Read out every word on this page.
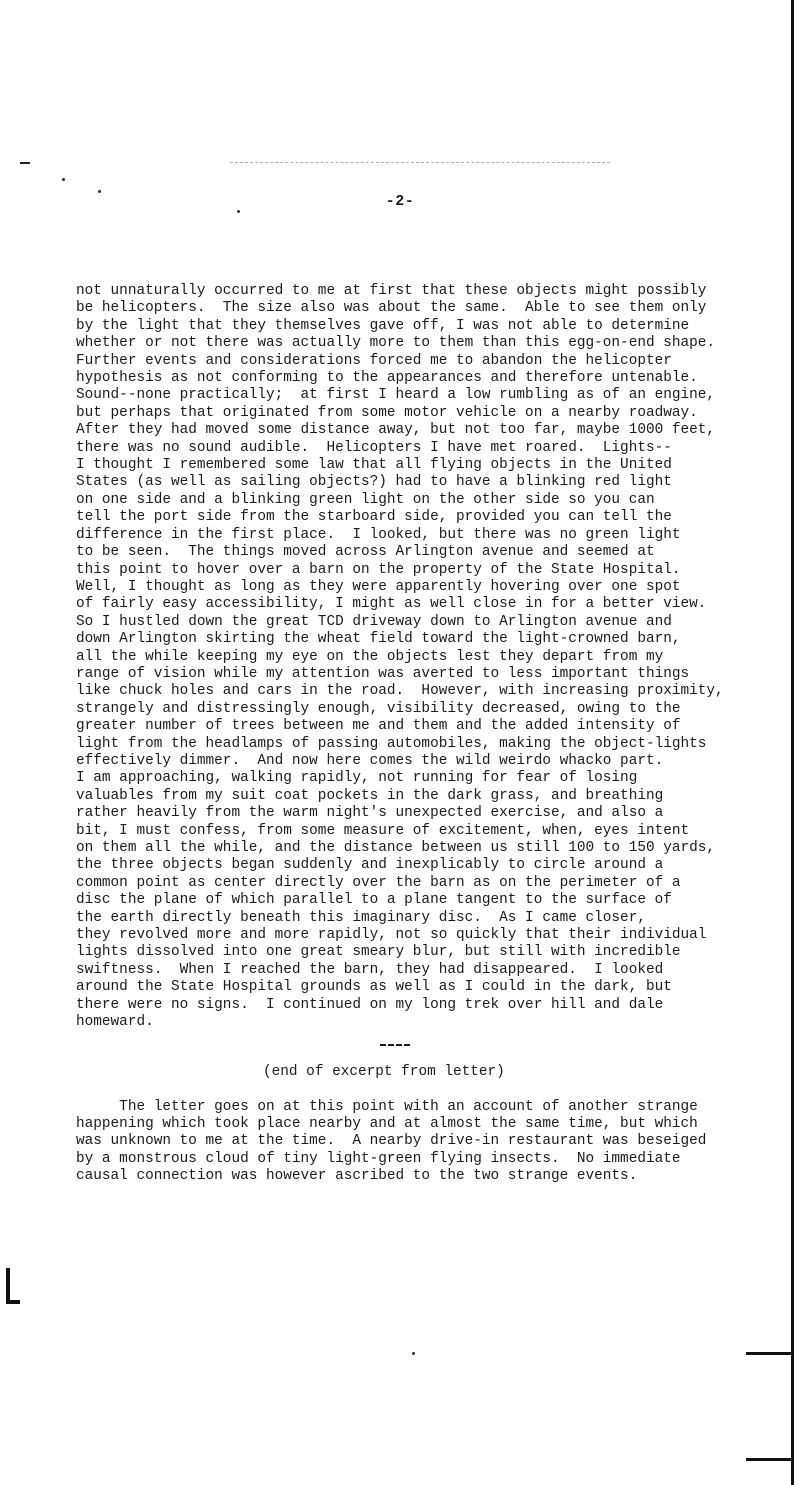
-2-
not unnaturally occurred to me at first that these objects might possibly
be helicopters.  The size also was about the same.  Able to see them only
by the light that they themselves gave off, I was not able to determine
whether or not there was actually more to them than this egg-on-end shape.
Further events and considerations forced me to abandon the helicopter
hypothesis as not conforming to the appearances and therefore untenable.
Sound--none practically;  at first I heard a low rumbling as of an engine,
but perhaps that originated from some motor vehicle on a nearby roadway.
After they had moved some distance away, but not too far, maybe 1000 feet,
there was no sound audible.  Helicopters I have met roared.  Lights--
I thought I remembered some law that all flying objects in the United
States (as well as sailing objects?) had to have a blinking red light
on one side and a blinking green light on the other side so you can
tell the port side from the starboard side, provided you can tell the
difference in the first place.  I looked, but there was no green light
to be seen.  The things moved across Arlington avenue and seemed at
this point to hover over a barn on the property of the State Hospital.
Well, I thought as long as they were apparently hovering over one spot
of fairly easy accessibility, I might as well close in for a better view.
So I hustled down the great TCD driveway down to Arlington avenue and
down Arlington skirting the wheat field toward the light-crowned barn,
all the while keeping my eye on the objects lest they depart from my
range of vision while my attention was averted to less important things
like chuck holes and cars in the road.  However, with increasing proximity,
strangely and distressingly enough, visibility decreased, owing to the
greater number of trees between me and them and the added intensity of
light from the headlamps of passing automobiles, making the object-lights
effectively dimmer.  And now here comes the wild weirdo whacko part.
I am approaching, walking rapidly, not running for fear of losing
valuables from my suit coat pockets in the dark grass, and breathing
rather heavily from the warm night's unexpected exercise, and also a
bit, I must confess, from some measure of excitement, when, eyes intent
on them all the while, and the distance between us still 100 to 150 yards,
the three objects began suddenly and inexplicably to circle around a
common point as center directly over the barn as on the perimeter of a
disc the plane of which parallel to a plane tangent to the surface of
the earth directly beneath this imaginary disc.  As I came closer,
they revolved more and more rapidly, not so quickly that their individual
lights dissolved into one great smeary blur, but still with incredible
swiftness.  When I reached the barn, they had disappeared.  I looked
around the State Hospital grounds as well as I could in the dark, but
there were no signs.  I continued on my long trek over hill and dale
homeward.
(end of excerpt from letter)
The letter goes on at this point with an account of another strange
happening which took place nearby and at almost the same time, but which
was unknown to me at the time.  A nearby drive-in restaurant was beseiged
by a monstrous cloud of tiny light-green flying insects.  No immediate
causal connection was however ascribed to the two strange events.
